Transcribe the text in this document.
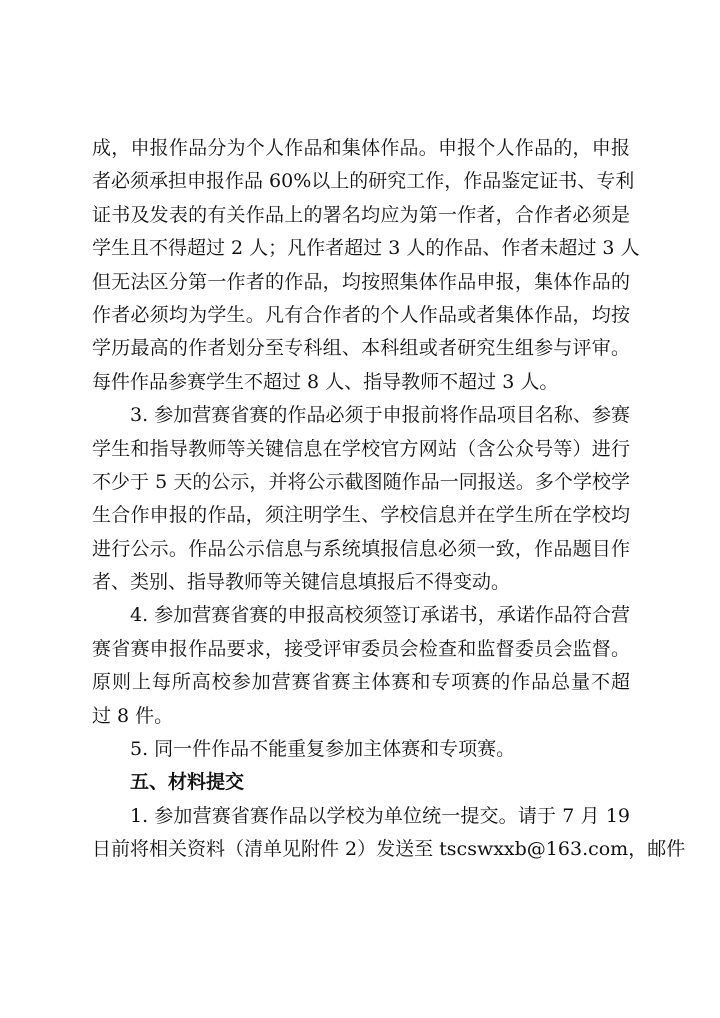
成，申报作品分为个人作品和集体作品。申报个人作品的，申报
者必须承担申报作品 60%以上的研究工作，作品鉴定证书、专利
证书及发表的有关作品上的署名均应为第一作者，合作者必须是
学生且不得超过 2 人；凡作者超过 3 人的作品、作者未超过 3 人
但无法区分第一作者的作品，均按照集体作品申报，集体作品的
作者必须均为学生。凡有合作者的个人作品或者集体作品，均按
学历最高的作者划分至专科组、本科组或者研究生组参与评审。
每件作品参赛学生不超过 8 人、指导教师不超过 3 人。
3. 参加营赛省赛的作品必须于申报前将作品项目名称、参赛
学生和指导教师等关键信息在学校官方网站（含公众号等）进行
不少于 5 天的公示，并将公示截图随作品一同报送。多个学校学
生合作申报的作品，须注明学生、学校信息并在学生所在学校均
进行公示。作品公示信息与系统填报信息必须一致，作品题目作
者、类别、指导教师等关键信息填报后不得变动。
4. 参加营赛省赛的申报高校须签订承诺书，承诺作品符合营
赛省赛申报作品要求，接受评审委员会检查和监督委员会监督。
原则上每所高校参加营赛省赛主体赛和专项赛的作品总量不超
过 8 件。
5. 同一件作品不能重复参加主体赛和专项赛。
五、材料提交
1. 参加营赛省赛作品以学校为单位统一提交。请于 7 月 19
日前将相关资料（清单见附件 2）发送至 tscswxxb@163.com，邮件
